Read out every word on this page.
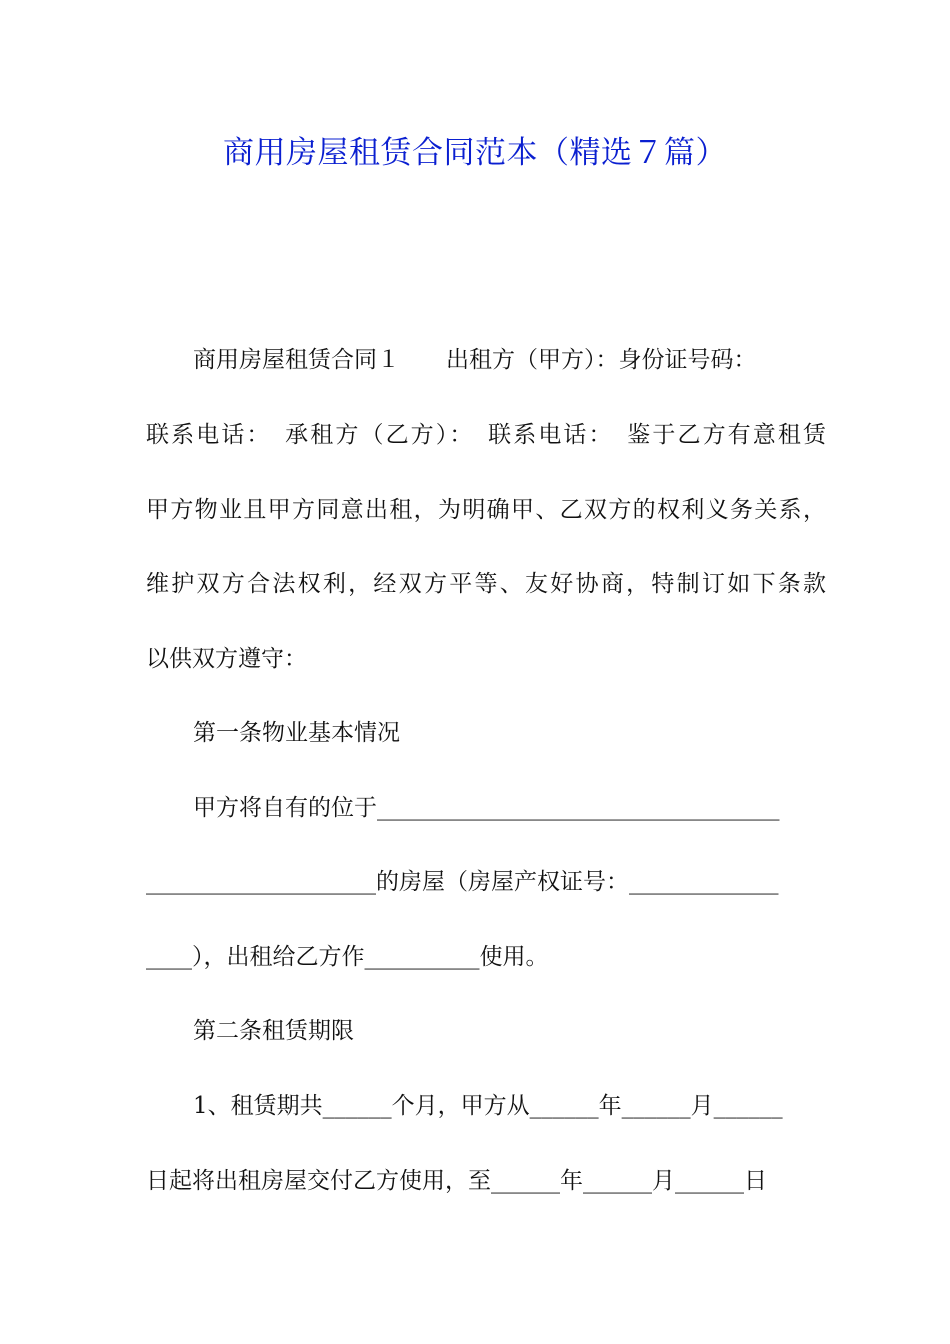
商用房屋租赁合同范本（精选７篇）
商用房屋租赁合同１　　出租方（甲方）：身份证号码：
联系电话：　承租方（乙方）：　联系电话：　鉴于乙方有意租赁
甲方物业且甲方同意出租，为明确甲、乙双方的权利义务关系，
维护双方合法权利，经双方平等、友好协商，特制订如下条款
以供双方遵守：
第一条物业基本情况
甲方将自有的位于___________________________________
____________________的房屋（房屋产权证号：_____________
____），出租给乙方作__________使用。
第二条租赁期限
1、租赁期共______个月，甲方从______年______月______
日起将出租房屋交付乙方使用，至______年______月______日
